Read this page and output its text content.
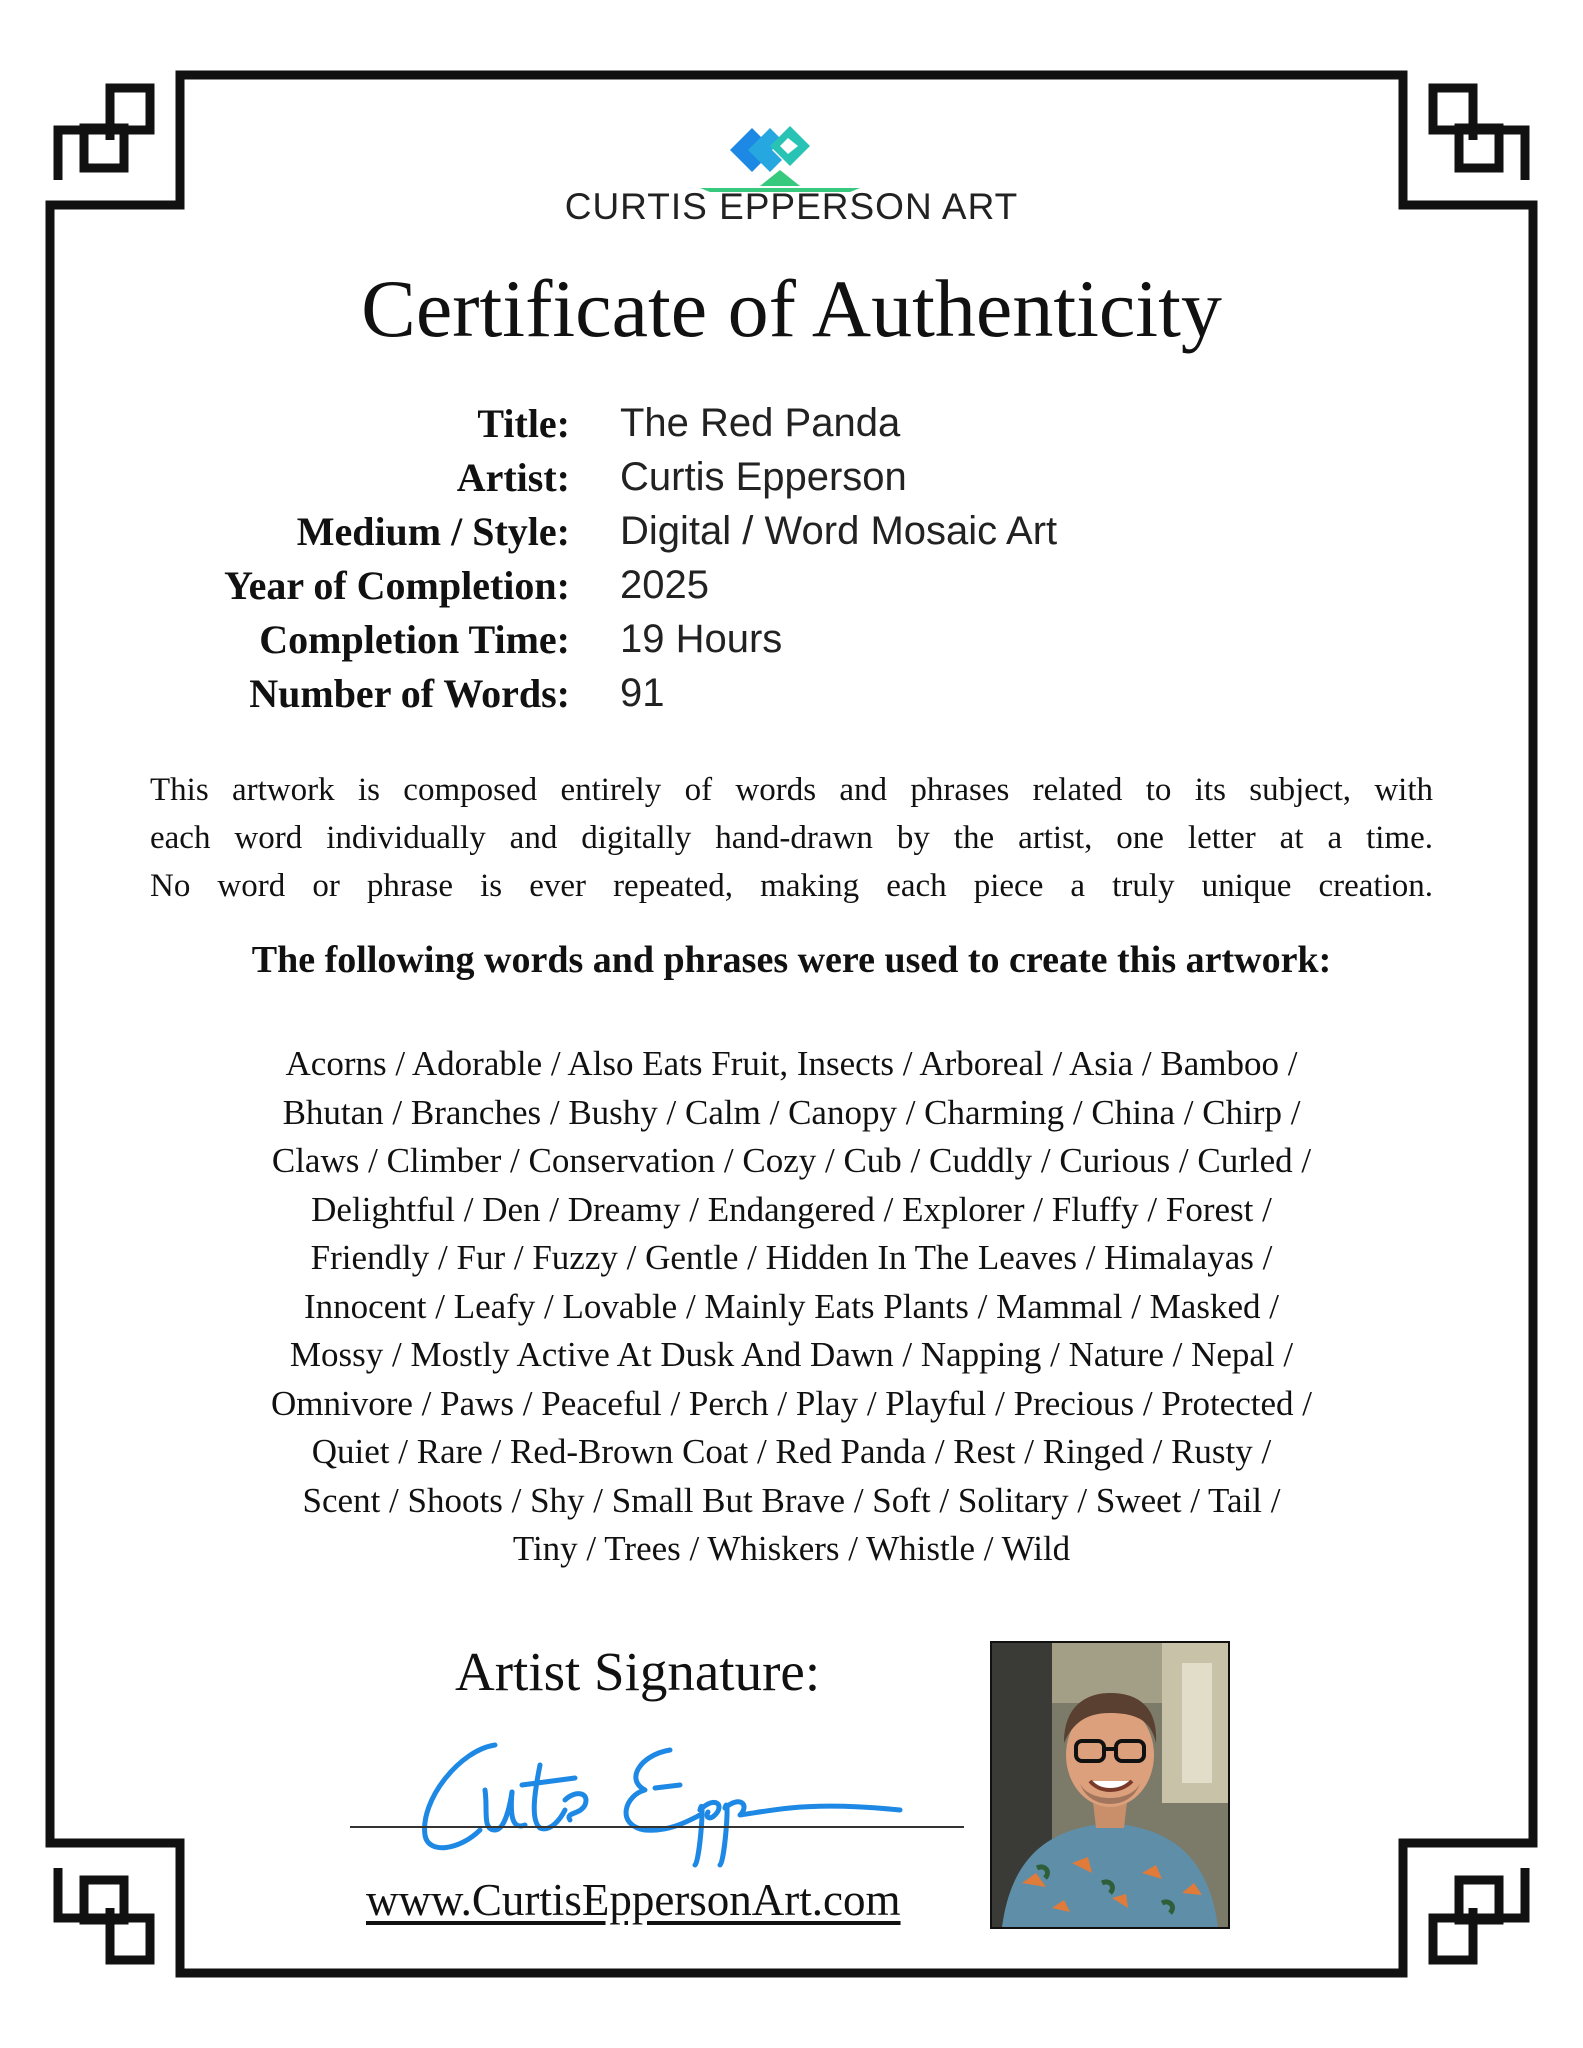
CURTIS EPPERSON ART
Certificate of Authenticity
Title:	The Red Panda
Artist:	Curtis Epperson
Medium / Style:	Digital / Word Mosaic Art
Year of Completion:	2025
Completion Time:	19 Hours
Number of Words:	91
This artwork is composed entirely of words and phrases related to its subject, with
each word individually and digitally hand-drawn by the artist, one letter at a time.
No word or phrase is ever repeated, making each piece a truly unique creation.
The following words and phrases were used to create this artwork:
Acorns / Adorable / Also Eats Fruit, Insects / Arboreal / Asia / Bamboo /
Bhutan / Branches / Bushy / Calm / Canopy / Charming / China / Chirp /
Claws / Climber / Conservation / Cozy / Cub / Cuddly / Curious / Curled /
Delightful / Den / Dreamy / Endangered / Explorer / Fluffy / Forest /
Friendly / Fur / Fuzzy / Gentle / Hidden In The Leaves / Himalayas /
Innocent / Leafy / Lovable / Mainly Eats Plants / Mammal / Masked /
Mossy / Mostly Active At Dusk And Dawn / Napping / Nature / Nepal /
Omnivore / Paws / Peaceful / Perch / Play / Playful / Precious / Protected /
Quiet / Rare / Red-Brown Coat / Red Panda / Rest / Ringed / Rusty /
Scent / Shoots / Shy / Small But Brave / Soft / Solitary / Sweet / Tail /
Tiny / Trees / Whiskers / Whistle / Wild
Artist Signature:
www.CurtisEppersonArt.com
